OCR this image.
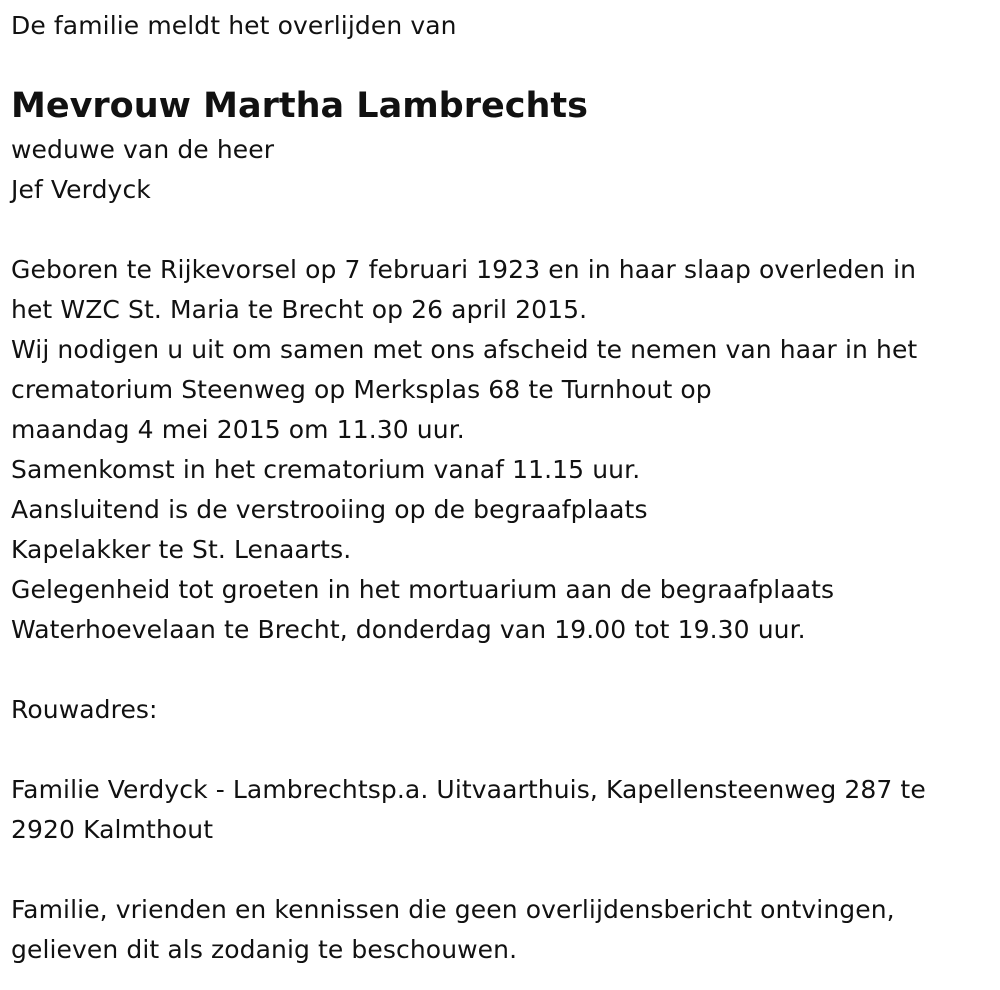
De familie meldt het overlijden van
Mevrouw Martha Lambrechts
weduwe van de heer
Jef Verdyck
Geboren te Rijkevorsel op 7 februari 1923 en in haar slaap overleden in
het WZC St. Maria te Brecht op 26 april 2015.
Wij nodigen u uit om samen met ons afscheid te nemen van haar in het
crematorium Steenweg op Merksplas 68 te Turnhout op
maandag 4 mei 2015 om 11.30 uur.
Samenkomst in het crematorium vanaf 11.15 uur.
Aansluitend is de verstrooiing op de begraafplaats
Kapelakker te St. Lenaarts.
Gelegenheid tot groeten in het mortuarium aan de begraafplaats
Waterhoevelaan te Brecht, donderdag van 19.00 tot 19.30 uur.
Rouwadres:
Familie Verdyck - Lambrechtsp.a. Uitvaarthuis, Kapellensteenweg 287 te
2920 Kalmthout
Familie, vrienden en kennissen die geen overlijdensbericht ontvingen,
gelieven dit als zodanig te beschouwen.
